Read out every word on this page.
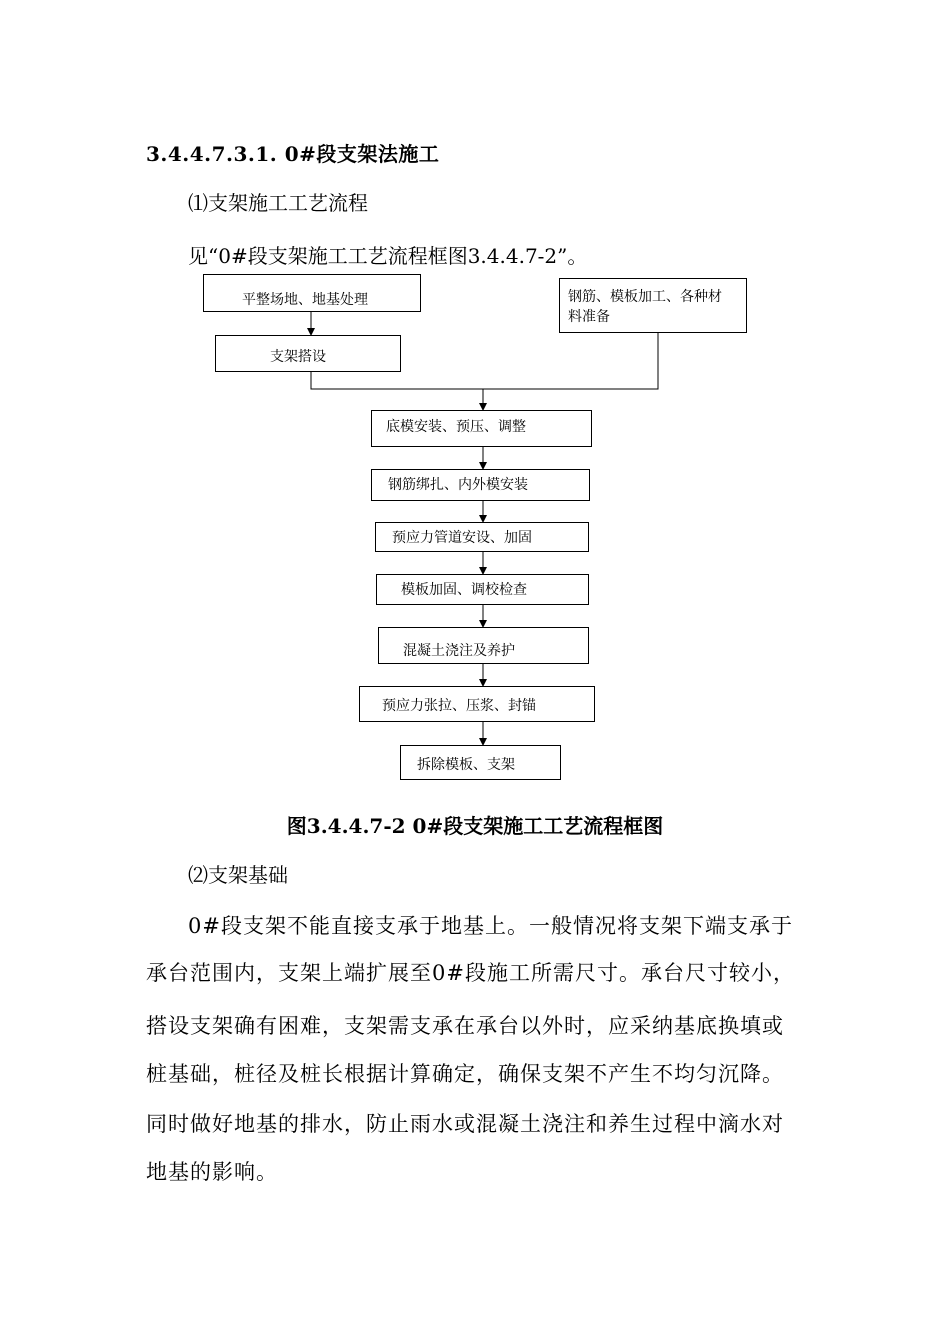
3.4.4.7.3.1. 0#段支架法施工
⑴支架施工工艺流程
见“0#段支架施工工艺流程框图3.4.4.7-2”。
平整场地、地基处理
支架搭设
钢筋、模板加工、各种材
料准备
底模安装、预压、调整
钢筋绑扎、内外模安装
预应力管道安设、加固
模板加固、调校检查
混凝土浇注及养护
预应力张拉、压浆、封锚
拆除模板、支架
图3.4.4.7-2 0#段支架施工工艺流程框图
⑵支架基础
0#段支架不能直接支承于地基上。一般情况将支架下端支承于
承台范围内，支架上端扩展至0#段施工所需尺寸。承台尺寸较小，
搭设支架确有困难，支架需支承在承台以外时，应采纳基底换填或
桩基础，桩径及桩长根据计算确定，确保支架不产生不均匀沉降。
同时做好地基的排水，防止雨水或混凝土浇注和养生过程中滴水对
地基的影响。
